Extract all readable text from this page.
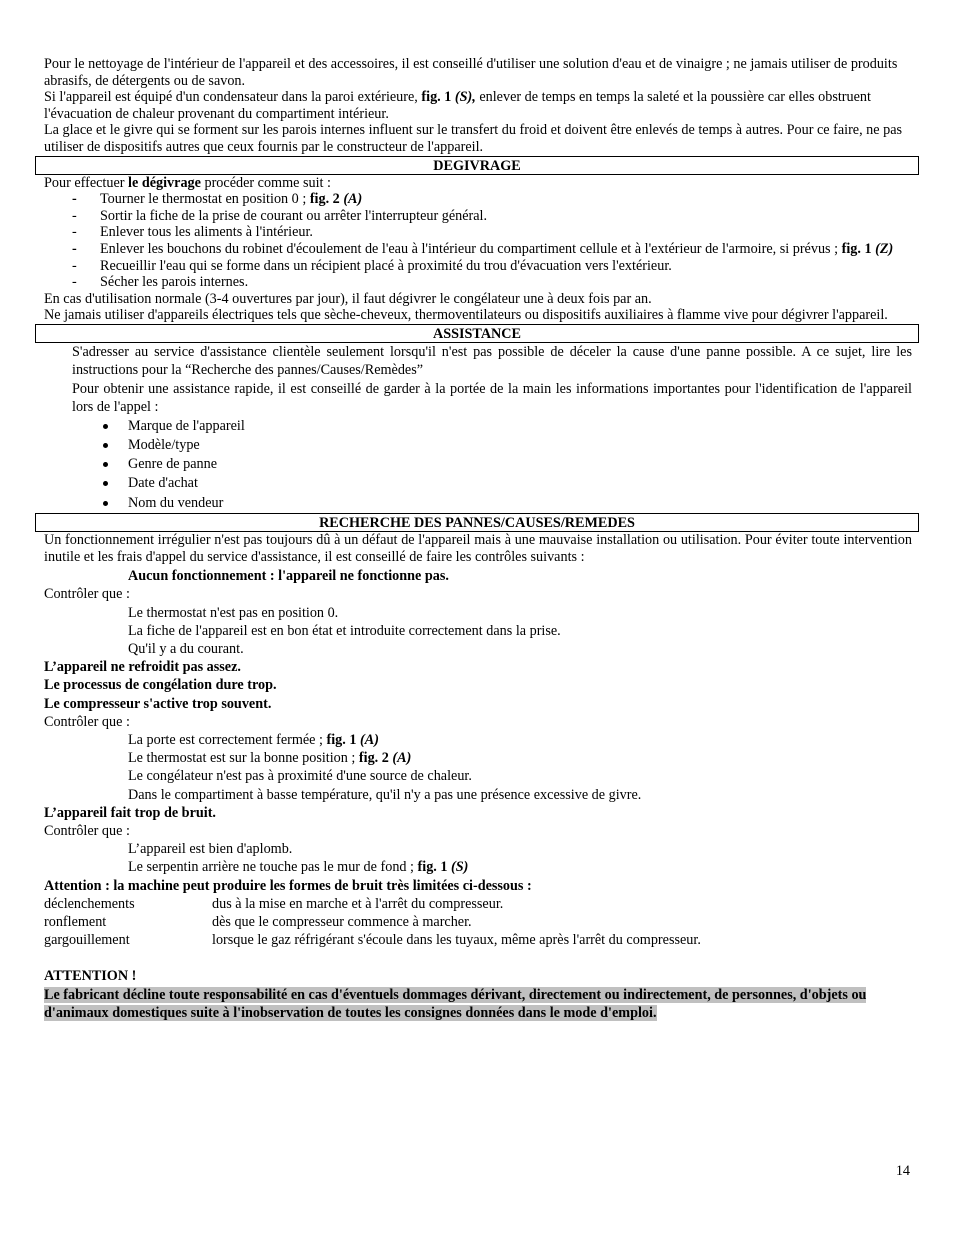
Pour le nettoyage de l'intérieur de l'appareil et des accessoires, il est conseillé d'utiliser une solution d'eau et de vinaigre ; ne jamais utiliser de produits abrasifs, de détergents ou de savon.

Si l'appareil est équipé d'un condensateur dans la paroi extérieure, fig. 1 (S), enlever de temps en temps la saleté et la poussière car elles obstruent l'évacuation de chaleur provenant du compartiment intérieur.

La glace et le givre qui se forment sur les parois internes influent sur le transfert du froid et doivent être enlevés de temps à autres. Pour ce faire, ne pas utiliser de dispositifs autres que ceux fournis par le constructeur de l'appareil.

DEGIVRAGE

Pour effectuer le dégivrage procéder comme suit :

- Tourner le thermostat en position 0 ; fig. 2 (A)
- Sortir la fiche de la prise de courant ou arrêter l'interrupteur général.
- Enlever tous les aliments à l'intérieur.
- Enlever les bouchons du robinet d'écoulement de l'eau à l'intérieur du compartiment cellule et à l'extérieur de l'armoire, si prévus ; fig. 1 (Z)
- Recueillir l'eau qui se forme dans un récipient placé à proximité du trou d'évacuation vers l'extérieur.
- Sécher les parois internes.

En cas d'utilisation normale (3-4 ouvertures par jour), il faut dégivrer le congélateur une à deux fois par an.

Ne jamais utiliser d'appareils électriques tels que sèche-cheveux, thermoventilateurs ou dispositifs auxiliaires à flamme vive pour dégivrer l'appareil.

ASSISTANCE

S'adresser au service d'assistance clientèle seulement lorsqu'il n'est pas possible de déceler la cause d'une panne possible. A ce sujet, lire les instructions pour la “Recherche des pannes/Causes/Remèdes”

Pour obtenir une assistance rapide, il est conseillé de garder à la portée de la main les informations importantes pour l'identification de l'appareil lors de l'appel :

Marque de l'appareil
Modèle/type
Genre de panne
Date d'achat
Nom du vendeur
RECHERCHE DES PANNES/CAUSES/REMEDES

Un fonctionnement irrégulier n'est pas toujours dû à un défaut de l'appareil mais à une mauvaise installation ou utilisation. Pour éviter toute intervention inutile et les frais d'appel du service d'assistance, il est conseillé de faire les contrôles suivants :

Aucun fonctionnement : l'appareil ne fonctionne pas.

Contrôler que :

Le thermostat n'est pas en position 0.

La fiche de l'appareil est en bon état et introduite correctement dans la prise.

Qu'il y a du courant.

L’appareil ne refroidit pas assez.

Le processus de congélation dure trop.

Le compresseur s'active trop souvent.

Contrôler que :

La porte est correctement fermée ; fig. 1 (A)

Le thermostat est sur la bonne position ; fig. 2 (A)

Le congélateur n'est pas à proximité d'une source de chaleur.

Dans le compartiment à basse température, qu'il n'y a pas une présence excessive de givre.

L’appareil fait trop de bruit.

Contrôler que :

L’appareil est bien d'aplomb.

Le serpentin arrière ne touche pas le mur de fond ; fig. 1 (S)

Attention : la machine peut produire les formes de bruit très limitées ci-dessous :

déclenchements	dus à la mise en marche et à l'arrêt du compresseur.
ronflement	dès que le compresseur commence à marcher.
gargouillement	lorsque le gaz réfrigérant s'écoule dans les tuyaux, même après l'arrêt du compresseur.

ATTENTION !

Le fabricant décline toute responsabilité en cas d'éventuels dommages dérivant, directement ou indirectement, de personnes, d'objets ou d'animaux domestiques suite à l'inobservation de toutes les consignes données dans le mode d'emploi.

14
